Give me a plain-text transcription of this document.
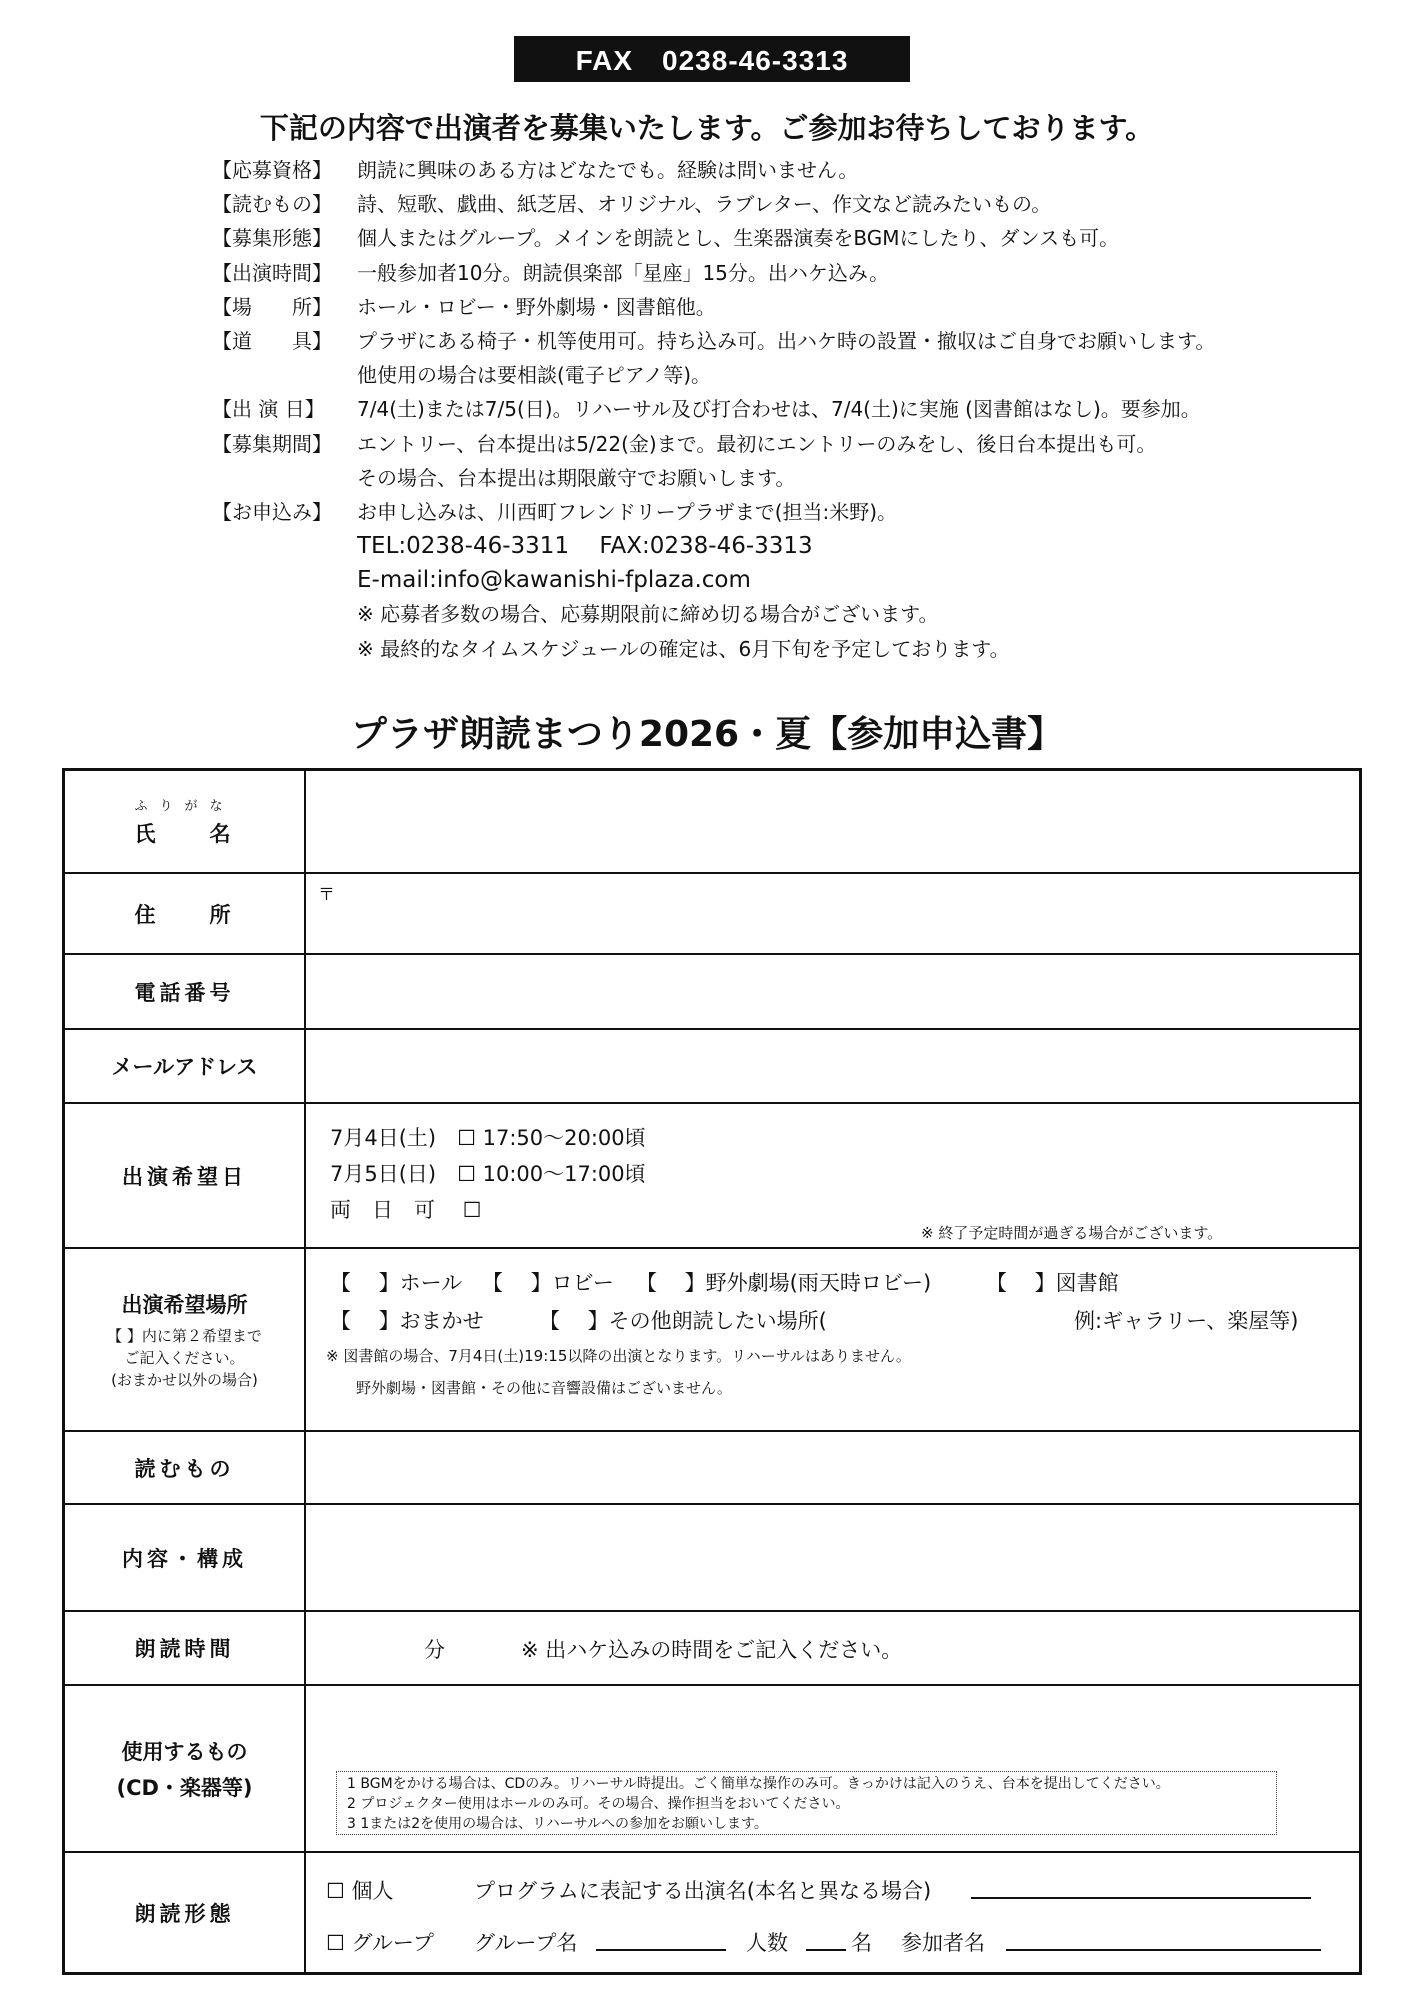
FAX　0238-46-3313
下記の内容で出演者を募集いたします。ご参加お待ちしております。
【応募資格】	朗読に興味のある方はどなたでも。経験は問いません。
【読むもの】	詩、短歌、戯曲、紙芝居、オリジナル、ラブレター、作文など読みたいもの。
【募集形態】	個人またはグループ。メインを朗読とし、生楽器演奏をBGMにしたり、ダンスも可。
【出演時間】	一般参加者10分。朗読倶楽部「星座」15分。出ハケ込み。
【場　　所】	ホール・ロビー・野外劇場・図書館他。
【道　　具】	プラザにある椅子・机等使用可。持ち込み可。出ハケ時の設置・撤収はご自身でお願いします。
他使用の場合は要相談(電子ピアノ等)。
【出 演 日】	7/4(土)または7/5(日)。リハーサル及び打合わせは、7/4(土)に実施 (図書館はなし)。要参加。
【募集期間】	エントリー、台本提出は5/22(金)まで。最初にエントリーのみをし、後日台本提出も可。
その場合、台本提出は期限厳守でお願いします。
【お申込み】	お申し込みは、川西町フレンドリープラザまで(担当:米野)。
TEL:0238-46-3311　 FAX:0238-46-3313
E-mail:info@kawanishi-fplaza.com
※ 応募者多数の場合、応募期限前に締め切る場合がございます。
※ 最終的なタイムスケジュールの確定は、6月下旬を予定しております。
プラザ朗読まつり2026・夏【参加申込書】
ふりがな
氏　　名
住　　所
〒
電話番号
メールアドレス
出演希望日
7月4日(土)　☐ 17:50～20:00頃
7月5日(日)　☐ 10:00～17:00頃
両　日　可　 ☐
※ 終了予定時間が過ぎる場合がございます。
出演希望場所
【 】内に第２希望まで
ご記入ください。
(おまかせ以外の場合)
【　 】ホール 【　 】ロビー 【　 】野外劇場(雨天時ロビー)	【　 】図書館
【　 】おまかせ	【　 】その他朗読したい場所(	例:ギャラリー、楽屋等)
※ 図書館の場合、7月4日(土)19:15以降の出演となります。リハーサルはありません。
野外劇場・図書館・その他に音響設備はございません。
読むもの
内容・構成
朗読時間	分	※ 出ハケ込みの時間をご記入ください。
使用するもの
(CD・楽器等)	1 BGMをかける場合は、CDのみ。リハーサル時提出。ごく簡単な操作のみ可。きっかけは記入のうえ、台本を提出してください。
2 プロジェクター使用はホールのみ可。その場合、操作担当をおいてください。
3 1または2を使用の場合は、リハーサルへの参加をお願いします。
朗読形態
☐ 個人	プログラムに表記する出演名(本名と異なる場合)
☐ グループ グループ名	人数	名 参加者名
